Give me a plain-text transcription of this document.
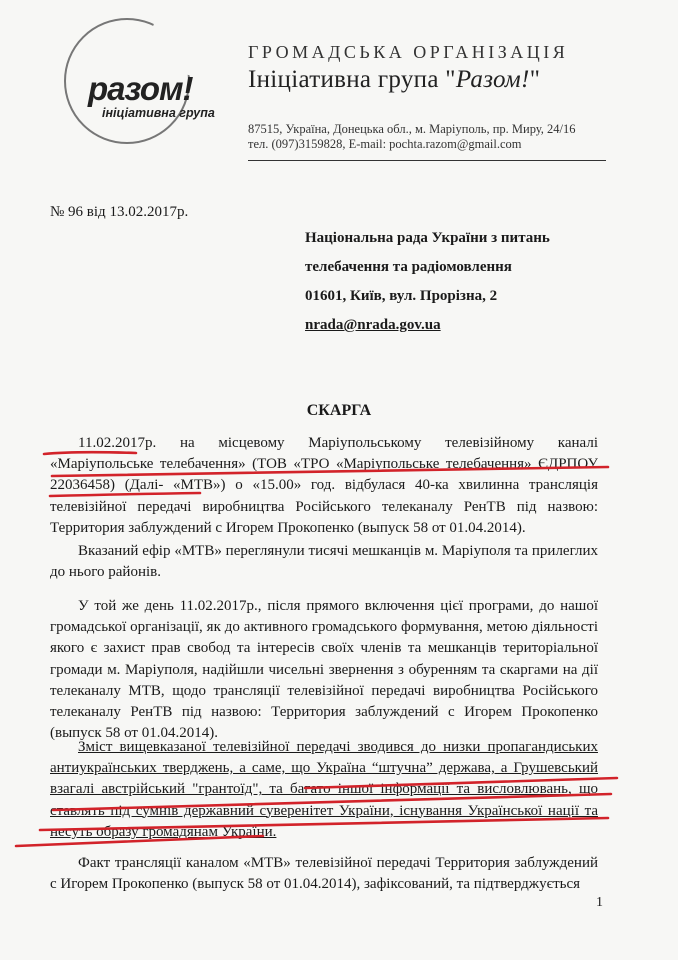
разом!
ініціативна група
ГРОМАДСЬКА ОРГАНІЗАЦІЯ
Ініціативна група "Разом!"
87515, Україна, Донецька обл., м. Маріуполь, пр. Миру, 24/16
тел. (097)3159828, E-mail: pochta.razom@gmail.com
№ 96 від 13.02.2017р.
Національна рада України з питань
телебачення та радіомовлення
01601, Київ, вул. Прорізна, 2
nrada@nrada.gov.ua
СКАРГА
11.02.2017р. на місцевому Маріупольському телевізійному каналі «Маріупольське телебачення» (ТОВ «ТРО «Маріупольське телебачення» ЄДРПОУ 22036458) (Далі- «МТВ») о «15.00» год. відбулася 40-ка хвилинна трансляція телевізійної передачі виробництва Російського телеканалу РенТВ під назвою: Территория заблуждений с Игорем Прокопенко (выпуск 58 от 01.04.2014).
Вказаний ефір «МТВ» переглянули тисячі мешканців м. Маріуполя та прилеглих до нього районів.
У той же день 11.02.2017р., після прямого включення цієї програми, до нашої громадської організації, як до активного громадського формування, метою діяльності якого є захист прав свобод та інтересів своїх членів та мешканців територіальної громади м. Маріуполя, надійшли чисельні звернення з обуренням та скаргами на дії телеканалу МТВ, щодо трансляції телевізійної передачі виробництва Російського телеканалу РенТВ під назвою: Территория заблуждений с Игорем Прокопенко (выпуск 58 от 01.04.2014).
Зміст вищевказаної телевізійної передачі зводився до низки пропагандиських антиукраїнських тверджень, а саме, що Україна “штучна” держава, а Грушевський взагалі австрійський "грантоїд", та багато іншої інформації та висловлювань, що ставлять під сумнів державний суверенітет України, існування Української нації та несуть образу громадянам України.
Факт трансляції каналом «МТВ» телевізійної передачі Территория заблуждений с Игорем Прокопенко (выпуск 58 от 01.04.2014), зафіксований, та підтверджується
1
